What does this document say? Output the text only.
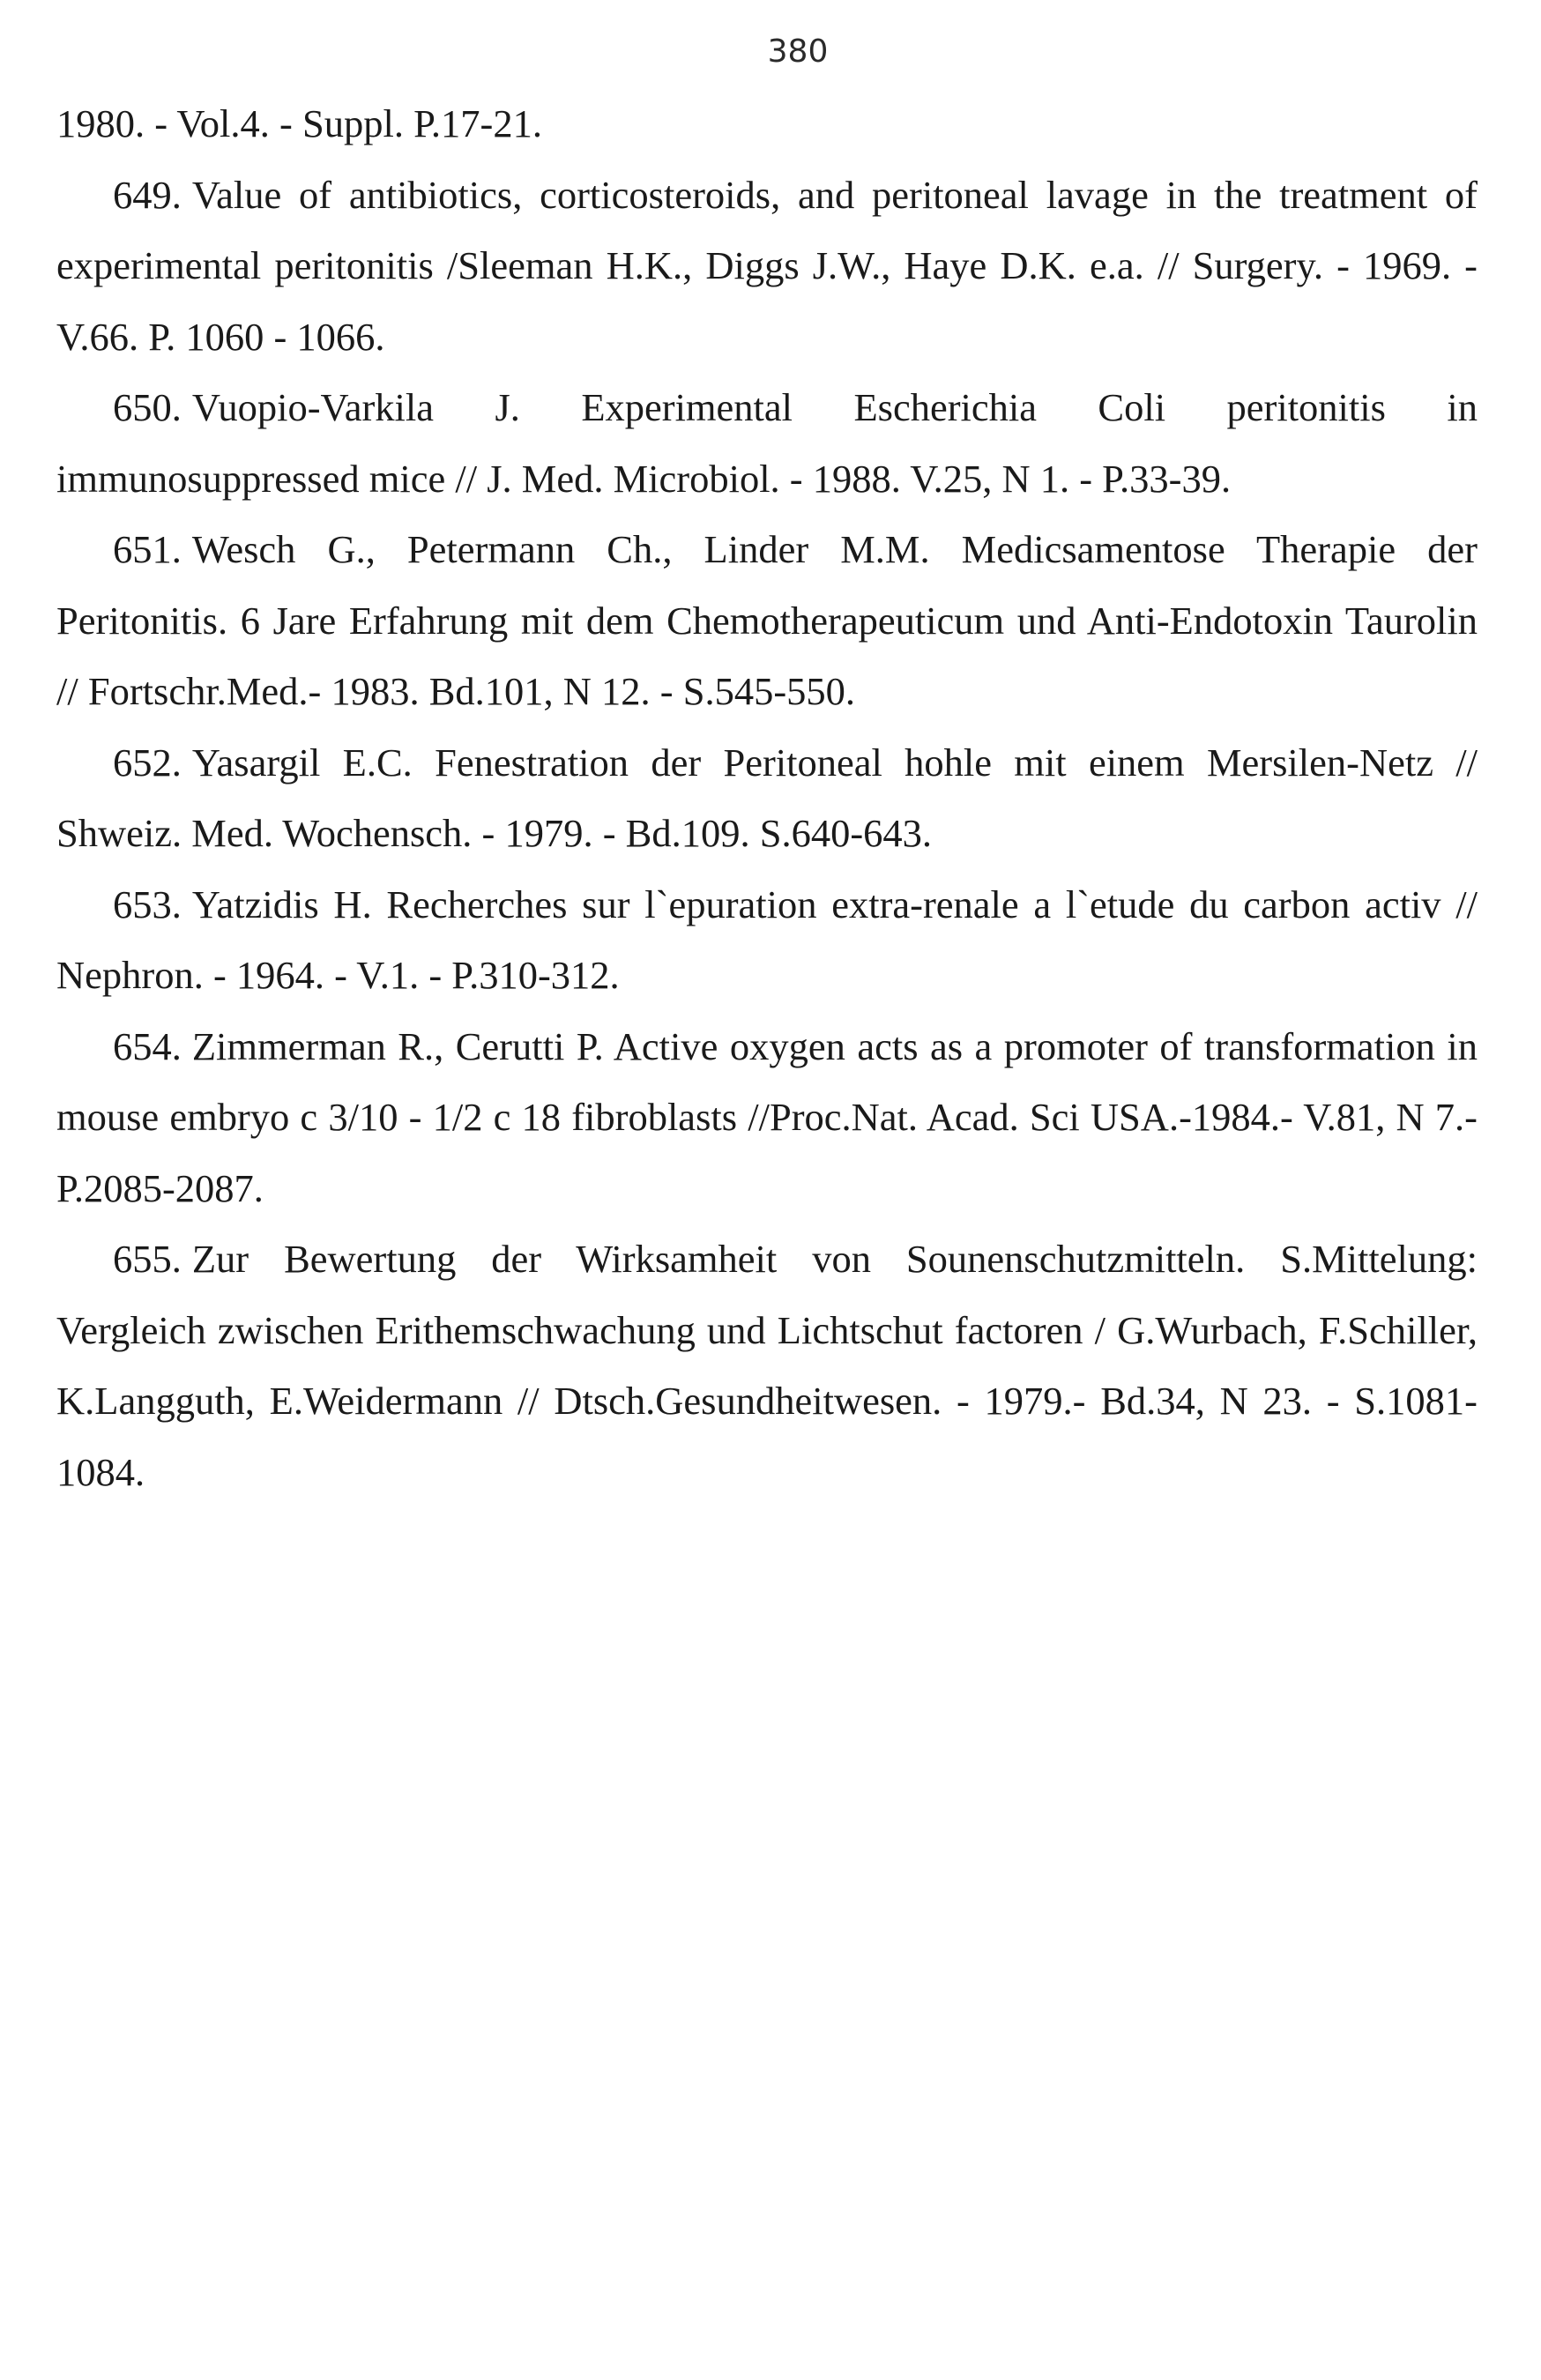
380

1980. - Vol.4. - Suppl. P.17-21.

649. Value of antibiotics, corticosteroids, and peritoneal lavage in the treatment of experimental peritonitis /Sleeman H.K., Diggs J.W., Haye D.K. e.a. // Surgery. - 1969. - V.66. P. 1060 - 1066.

650. Vuopio-Varkila J. Experimental Escherichia Coli peritonitis in immunosuppressed mice // J. Med. Microbiol. - 1988. V.25, N 1. - P.33-39.

651. Wesch G., Petermann Ch., Linder M.M. Medicsamentose Therapie der Peritonitis. 6 Jare Erfahrung mit dem Chemotherapeuticum und Anti-Endotoxin Taurolin // Fortschr.Med.- 1983. Bd.101, N 12. - S.545-550.

652. Yasargil E.C. Fenestration der Peritoneal hohle mit einem Mersilen-Netz // Shweiz. Med. Wochensch. - 1979. - Bd.109. S.640-643.

653. Yatzidis H. Recherches sur l`epuration extra-renale a l`etude du carbon activ // Nephron. - 1964. - V.1. - P.310-312.

654. Zimmerman R., Cerutti P. Active oxygen acts as a promoter of transformation in mouse embryo c 3/10 - 1/2 c 18 fibroblasts //Proc.Nat. Acad. Sci USA.-1984.- V.81, N 7.- P.2085-2087.

655. Zur Bewertung der Wirksamheit von Sounenschutzmitteln. S.Mittelung: Vergleich zwischen Erithemschwachung und Lichtschut factoren / G.Wurbach, F.Schiller, K.Langguth, E.Weidermann // Dtsch.Gesundheitwesen. - 1979.- Bd.34, N 23. - S.1081-1084.
